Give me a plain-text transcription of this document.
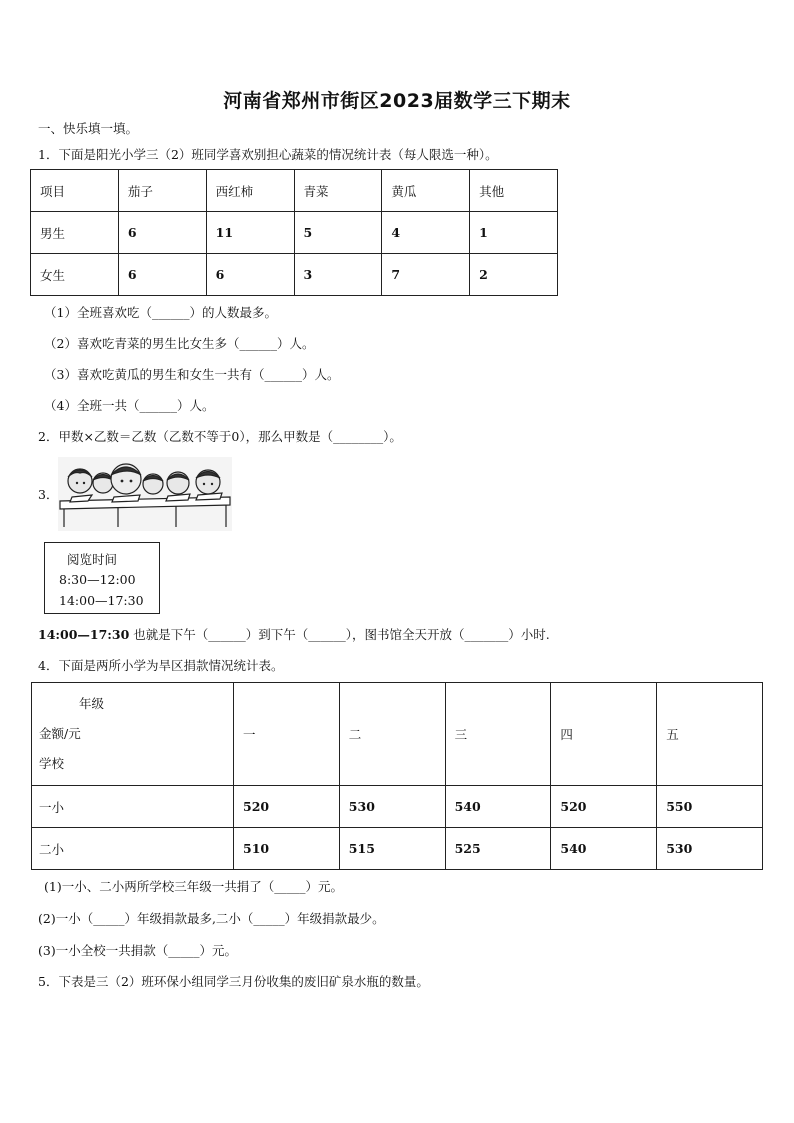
河南省郑州市街区2023届数学三下期末
一、快乐填一填。
1．下面是阳光小学三（2）班同学喜欢别担心蔬菜的情况统计表（每人限选一种）。
项目	茄子	西红柿	青菜	黄瓜	其他
男生	6	11	5	4	1
女生	6	6	3	7	2
（1）全班喜欢吃（______）的人数最多。
（2）喜欢吃青菜的男生比女生多（______）人。
（3）喜欢吃黄瓜的男生和女生一共有（______）人。
（4）全班一共（______）人。
2．甲数×乙数＝乙数（乙数不等于0），那么甲数是（________）。
3．
阅览时间
8:30—12:00
14:00—17:30
14:00—17:30 也就是下午（______）到下午（______），图书馆全天开放（_______）小时.
4．下面是两所小学为旱区捐款情况统计表。
年级
金额/元
学校	一	二	三	四	五
一小	520	530	540	520	550
二小	510	515	525	540	530
(1)一小、二小两所学校三年级一共捐了（_____）元。
(2)一小（_____）年级捐款最多,二小（_____）年级捐款最少。
(3)一小全校一共捐款（_____）元。
5．下表是三（2）班环保小组同学三月份收集的废旧矿泉水瓶的数量。
